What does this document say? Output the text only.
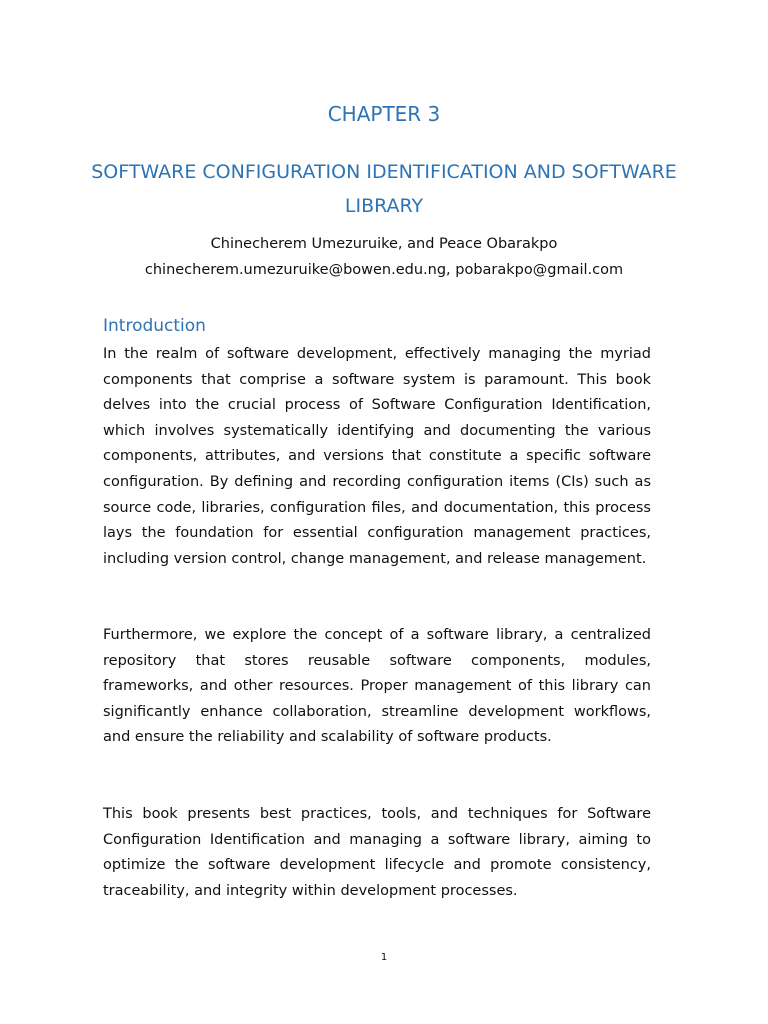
CHAPTER 3
SOFTWARE CONFIGURATION IDENTIFICATION AND SOFTWARE LIBRARY
Chinecherem Umezuruike, and Peace Obarakpo
chinecherem.umezuruike@bowen.edu.ng, pobarakpo@gmail.com
Introduction

In the realm of software development, effectively managing the myriad components that comprise a software system is paramount. This book delves into the crucial process of Software Configuration Identification, which involves systematically identifying and documenting the various components, attributes, and versions that constitute a specific software configuration. By defining and recording configuration items (CIs) such as source code, libraries, configuration files, and documentation, this process lays the foundation for essential configuration management practices, including version control, change management, and release management.

Furthermore, we explore the concept of a software library, a centralized repository that stores reusable software components, modules, frameworks, and other resources. Proper management of this library can significantly enhance collaboration, streamline development workflows, and ensure the reliability and scalability of software products.

This book presents best practices, tools, and techniques for Software Configuration Identification and managing a software library, aiming to optimize the software development lifecycle and promote consistency, traceability, and integrity within development processes.

1
